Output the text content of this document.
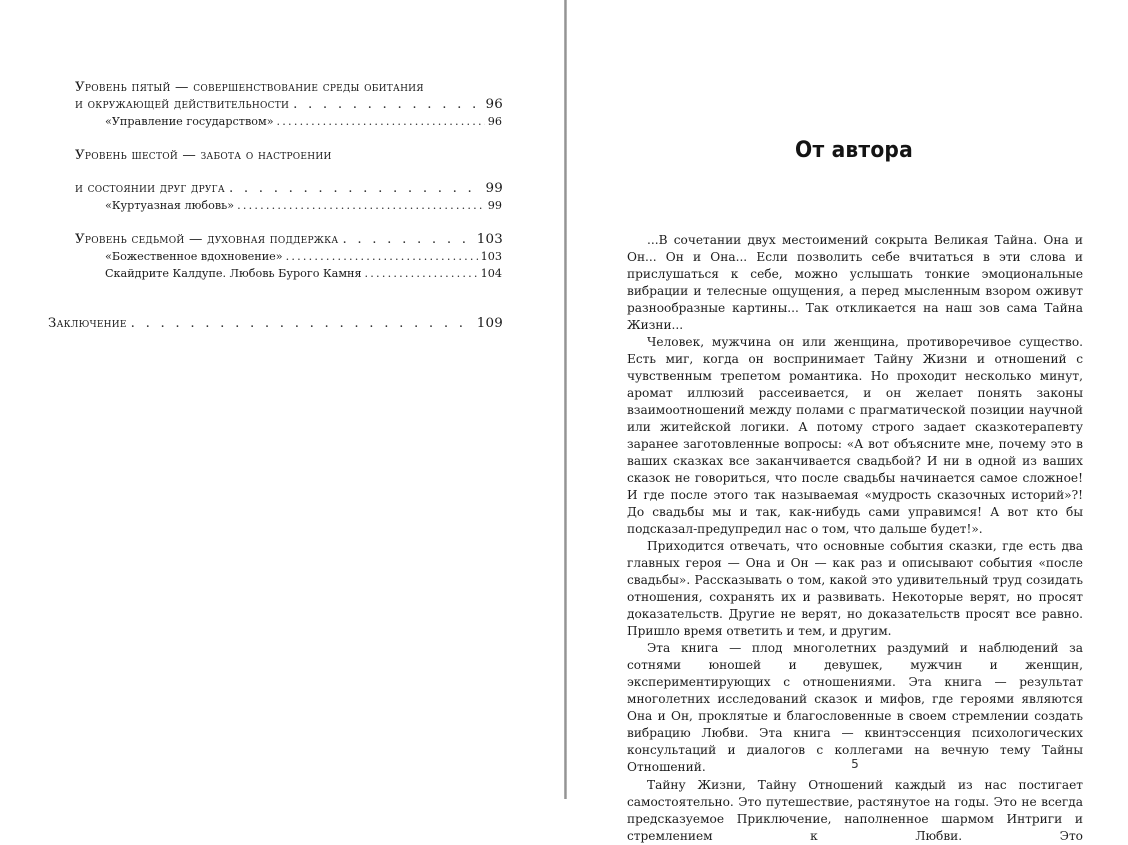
Уровень пятый — совершенствование среды обитания
и окружающей действительности . . .	96
«Управление государством» .....	96
Уровень шестой — забота о настроении
и состоянии друг друга . . .	99
«Куртуазная любовь» .....	99
Уровень седьмой — духовная поддержка . . .	103
«Божественное вдохновение» .....	103
Скайдрите Калдупе. Любовь Бурого Камня .....	104
Заключение . . .	109
От автора

...В сочетании двух местоимений сокрыта Великая Тайна. Она и Он... Он и Она... Если позволить себе вчитаться в эти слова и прислушаться к себе, можно услышать тонкие эмоциональные вибрации и телесные ощущения, а перед мысленным взором оживут разнообразные картины... Так откликается на наш зов сама Тайна Жизни...

Человек, мужчина он или женщина, противоречивое существо. Есть миг, когда он воспринимает Тайну Жизни и отношений с чувственным трепетом романтика. Но проходит несколько минут, аромат иллюзий рассеивается, и он желает понять законы взаимоотношений между полами с прагматической позиции научной или житейской логики. А потому строго задает сказкотерапевту заранее заготовленные вопросы: «А вот объясните мне, почему это в ваших сказках все заканчивается свадьбой? И ни в одной из ваших сказок не говориться, что после свадьбы начинается самое сложное! И где после этого так называемая «мудрость сказочных историй»?! До свадьбы мы и так, как-нибудь сами управимся! А вот кто бы подсказал-предупредил нас о том, что дальше будет!».

Приходится отвечать, что основные события сказки, где есть два главных героя — Она и Он — как раз и описывают события «после свадьбы». Рассказывать о том, какой это удивительный труд созидать отношения, сохранять их и развивать. Некоторые верят, но просят доказательств. Другие не верят, но доказательств просят все равно. Пришло время ответить и тем, и другим.

Эта книга — плод многолетних раздумий и наблюдений за сотнями юношей и девушек, мужчин и женщин, экспериментирующих с отношениями. Эта книга — результат многолетних исследований сказок и мифов, где героями являются Она и Он, проклятые и благословенные в своем стремлении создать вибрацию Любви. Эта книга — квинтэссенция психологических консультаций и диалогов с коллегами на вечную тему Тайны Отношений.

Тайну Жизни, Тайну Отношений каждый из нас постигает самостоятельно. Это путешествие, растянутое на годы. Это не всегда предсказуемое Приключение, наполненное шармом Интриги и стремлением к Любви. Это

5
